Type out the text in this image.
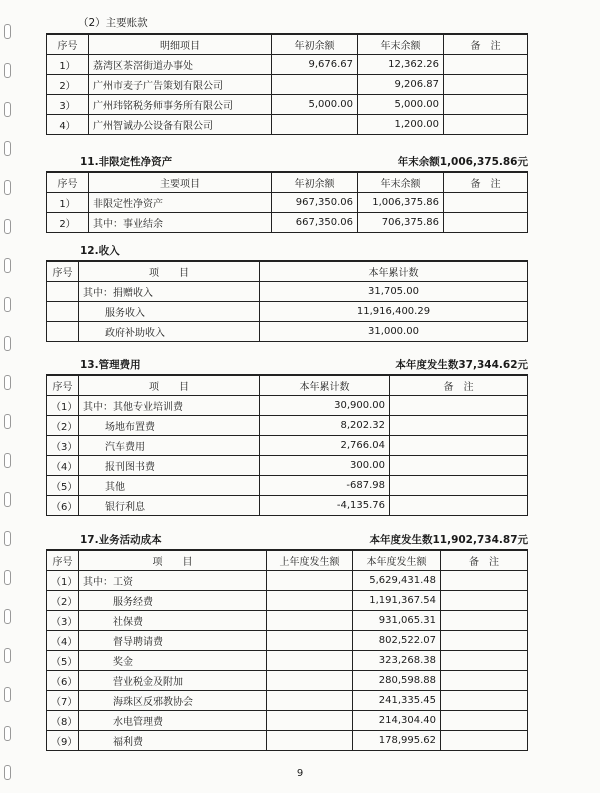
（2）主要账款
序号	明细项目	年初余额	年末余额	备　注
1）	荔湾区茶滘街道办事处	9,676.67	12,362.26	
2）	广州市麦子广告策划有限公司		9,206.87	
3）	广州玮铭税务师事务所有限公司	5,000.00	5,000.00	
4）	广州智诚办公设备有限公司		1,200.00	
11.非限定性净资产	年末余额1,006,375.86元
序号	主要项目	年初余额	年末余额	备　注
1）	非限定性净资产	967,350.06	1,006,375.86	
2）	其中：事业结余	667,350.06	706,375.86	
12.收入
序号	项　　目	本年累计数
	其中：捐赠收入	31,705.00
	服务收入	11,916,400.29
	政府补助收入	31,000.00
13.管理费用	本年度发生数37,344.62元
序号	项　　目	本年累计数	备　注
（1）	其中：其他专业培训费	30,900.00	
（2）	场地布置费	8,202.32	
（3）	汽车费用	2,766.04	
（4）	报刊图书费	300.00	
（5）	其他	-687.98	
（6）	银行利息	-4,135.76	
17.业务活动成本	本年度发生数11,902,734.87元
序号	项　　目	上年度发生额	本年度发生额	备　注
（1）	其中：工资		5,629,431.48	
（2）	服务经费		1,191,367.54	
（3）	社保费		931,065.31	
（4）	督导聘请费		802,522.07	
（5）	奖金		323,268.38	
（6）	营业税金及附加		280,598.88	
（7）	海珠区反邪教协会		241,335.45	
（8）	水电管理费		214,304.40	
（9）	福利费		178,995.62	
9
